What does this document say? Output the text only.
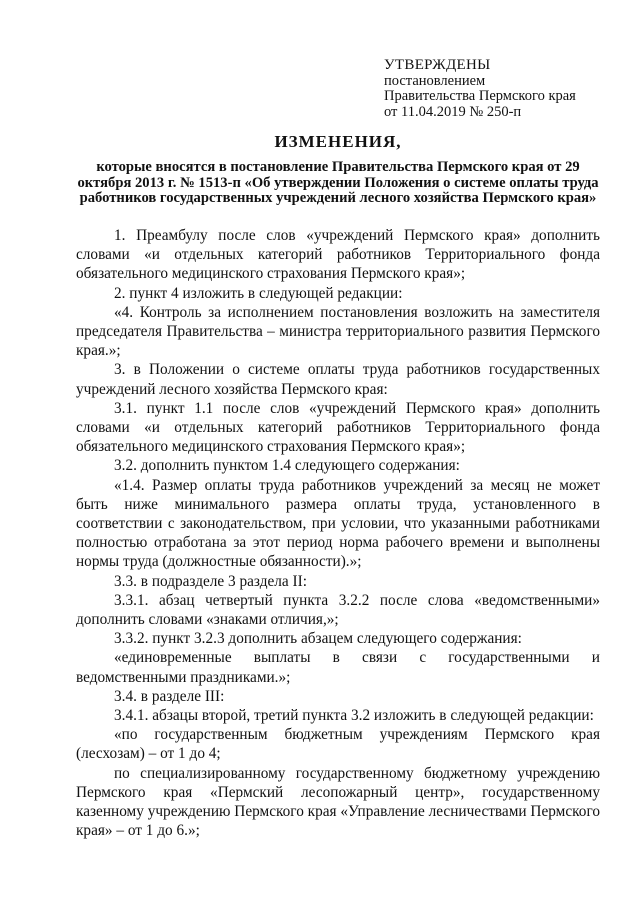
УТВЕРЖДЕНЫ
постановлением
Правительства Пермского края
от 11.04.2019 № 250-п
ИЗМЕНЕНИЯ,
которые вносятся в постановление Правительства Пермского края от 29 октября 2013 г. № 1513-п «Об утверждении Положения о системе оплаты труда работников государственных учреждений лесного хозяйства Пермского края»

1. Преамбулу после слов «учреждений Пермского края» дополнить словами «и отдельных категорий работников Территориального фонда обязательного медицинского страхования Пермского края»;

2. пункт 4 изложить в следующей редакции:

«4. Контроль за исполнением постановления возложить на заместителя председателя Правительства – министра территориального развития Пермского края.»;

3. в Положении о системе оплаты труда работников государственных учреждений лесного хозяйства Пермского края:

3.1. пункт 1.1 после слов «учреждений Пермского края» дополнить словами «и отдельных категорий работников Территориального фонда обязательного медицинского страхования Пермского края»;

3.2. дополнить пунктом 1.4 следующего содержания:

«1.4. Размер оплаты труда работников учреждений за месяц не может быть ниже минимального размера оплаты труда, установленного в соответствии с законодательством, при условии, что указанными работниками полностью отработана за этот период норма рабочего времени и выполнены нормы труда (должностные обязанности).»;

3.3. в подразделе 3 раздела II:

3.3.1. абзац четвертый пункта 3.2.2 после слова «ведомственными» дополнить словами «знаками отличия,»;

3.3.2. пункт 3.2.3 дополнить абзацем следующего содержания:

«единовременные выплаты в связи с государственными и ведомственными праздниками.»;

3.4. в разделе III:

3.4.1. абзацы второй, третий пункта 3.2 изложить в следующей редакции:

«по государственным бюджетным учреждениям Пермского края (лесхозам) – от 1 до 4;

по специализированному государственному бюджетному учреждению Пермского края «Пермский лесопожарный центр», государственному казенному учреждению Пермского края «Управление лесничествами Пермского края» – от 1 до 6.»;
